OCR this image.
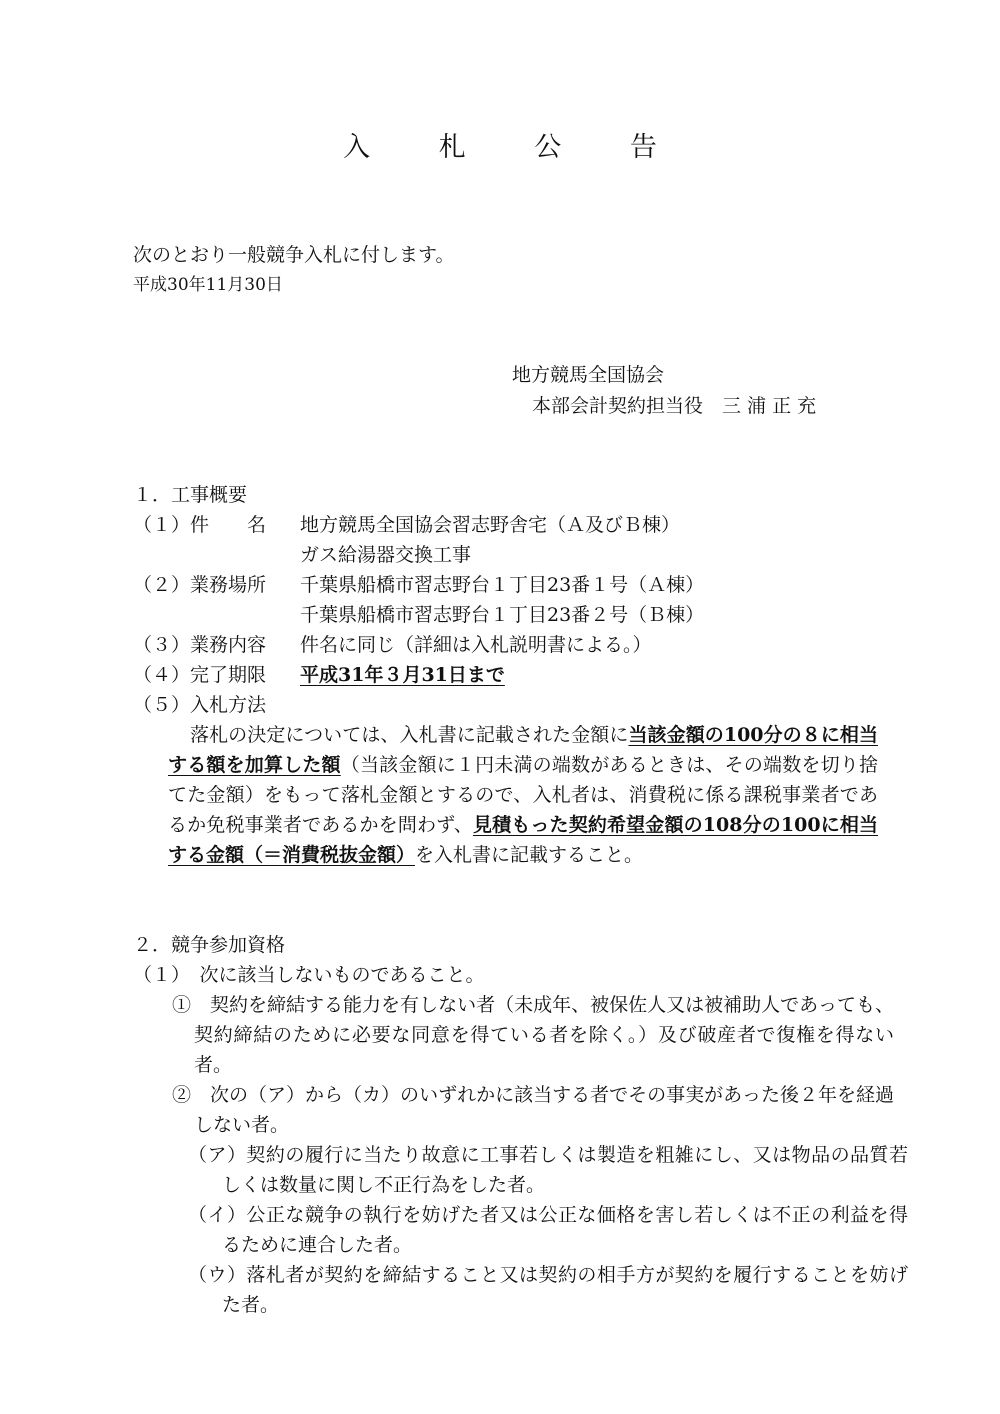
入 札 公 告
次のとおり一般競争入札に付します。
平成30年11月30日
地方競馬全国協会
本部会計契約担当役　三 浦 正 充
１．工事概要
（１）件　　名 地方競馬全国協会習志野舎宅（Ａ及びＢ棟）
ガス給湯器交換工事
（２）業務場所 千葉県船橋市習志野台１丁目23番１号（Ａ棟）
千葉県船橋市習志野台１丁目23番２号（Ｂ棟）
（３）業務内容 件名に同じ（詳細は入札説明書による。）
（４）完了期限 平成31年３月31日まで
（５）入札方法
落札の決定については、入札書に記載された金額に当該金額の100分の８に相当する額を加算した額（当該金額に１円未満の端数があるときは、その端数を切り捨てた金額）をもって落札金額とするので、入札者は、消費税に係る課税事業者であるか免税事業者であるかを問わず、見積もった契約希望金額の108分の100に相当する金額（＝消費税抜金額）を入札書に記載すること。
２．競争参加資格
（１）　次に該当しないものであること。
①　契約を締結する能力を有しない者（未成年、被保佐人又は被補助人であっても、契約締結のために必要な同意を得ている者を除く。）及び破産者で復権を得ない者。
②　次の（ア）から（カ）のいずれかに該当する者でその事実があった後２年を経過しない者。
（ア）契約の履行に当たり故意に工事若しくは製造を粗雑にし、又は物品の品質若しくは数量に関し不正行為をした者。
（イ）公正な競争の執行を妨げた者又は公正な価格を害し若しくは不正の利益を得るために連合した者。
（ウ）落札者が契約を締結すること又は契約の相手方が契約を履行することを妨げた者。
